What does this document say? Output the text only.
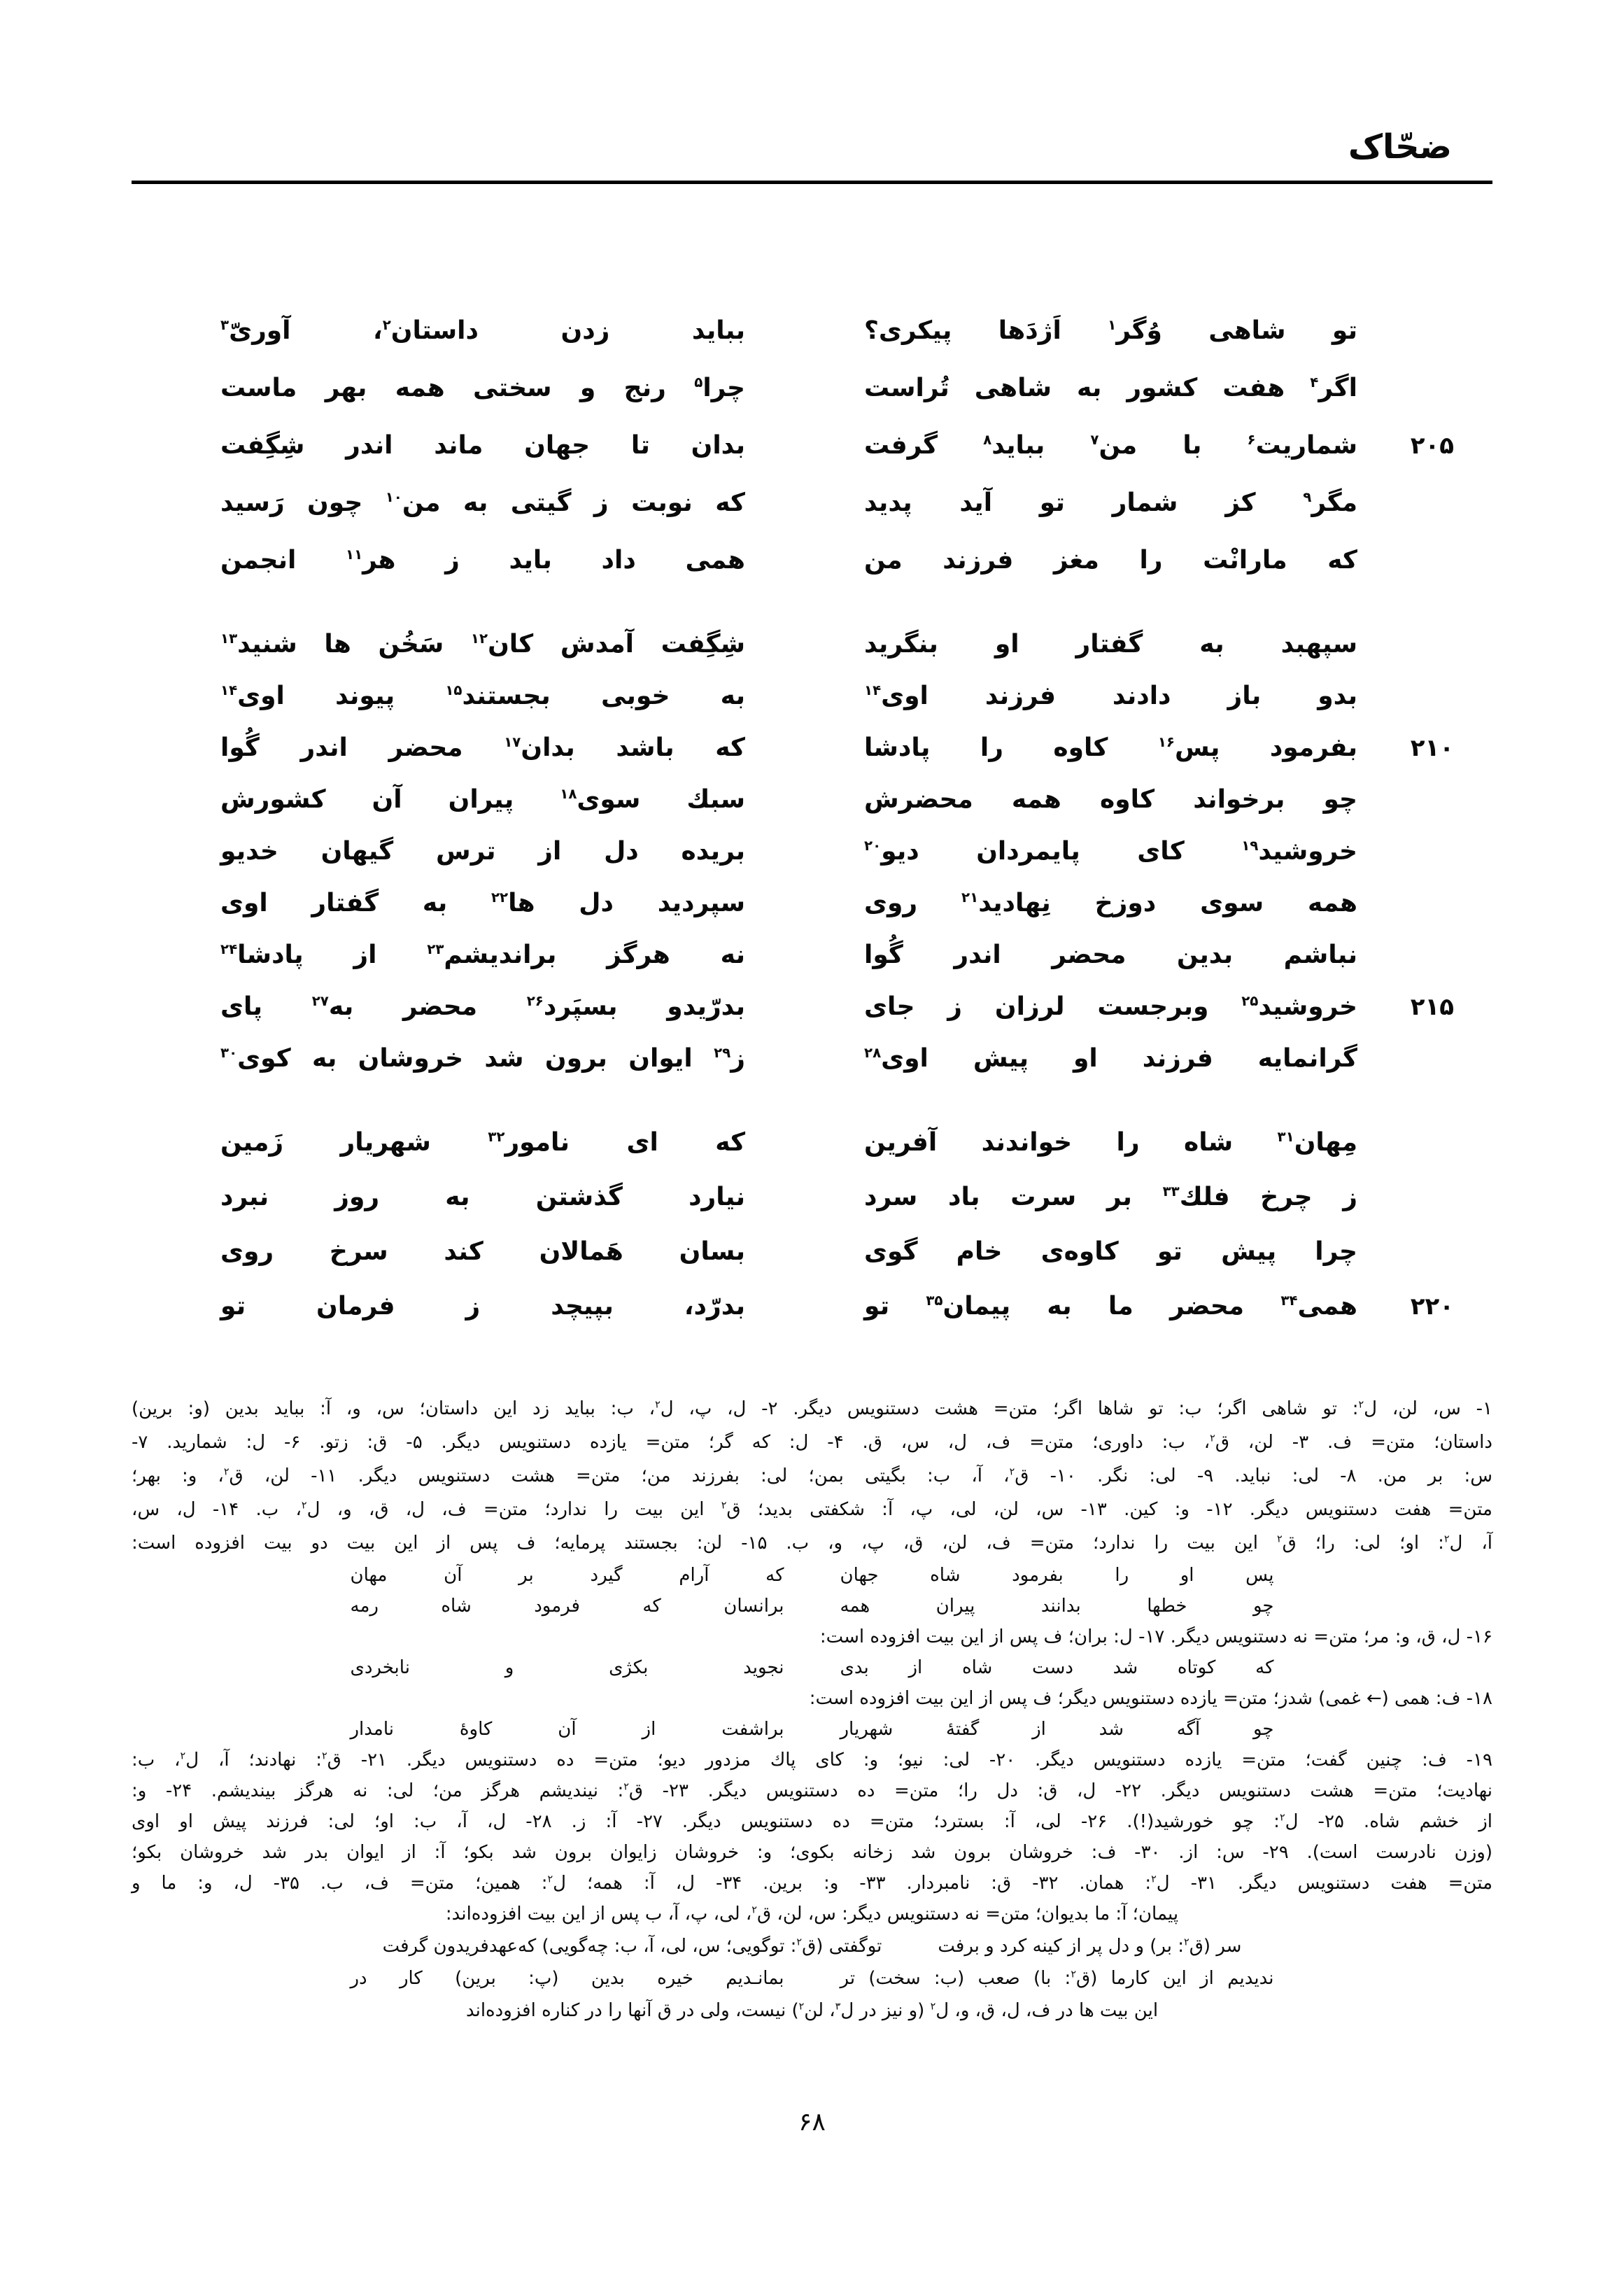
ضحّاک
تو شاهی وُگر$^۱$ اَژدَها پیکری؟
بباید زدن داستان$^۲$، آوریّ$^۳$
اگر$^۴$ هفت کشور به شاهی تُراست
چرا$^۵$ رنج و سختی همه بهر ماست
۲۰۵
شماریت$^۶$ با من$^۷$ بباید$^۸$ گرفت
بدان تا جهان ماند اندر شِگِفت
مگر$^۹$ کز شمار تو آید پدید
که نوبت ز گیتی به من$^{۱۰}$ چون رَسید
که مارانْت را مغز فرزند من
همی داد باید ز هر$^{۱۱}$ انجمن
سپهبد به گفتار او بنگرید
شِگِفت آمدش کان$^{۱۲}$ سَخُن ها شنید$^{۱۳}$
بدو باز دادند فرزند اوی$^{۱۴}$
به خوبی بجستند$^{۱۵}$ پیوند اوی$^{۱۴}$
۲۱۰
بفرمود پس$^{۱۶}$ کاوه را پادشا
که باشد بدان$^{۱۷}$ محضر اندر گُوا
چو برخواند کاوه همه محضرش
سبك سوی$^{۱۸}$ پیران آن کشورش
خروشید$^{۱۹}$ کای پایمردان دیو$^{۲۰}$
بریده دل از ترس گیهان خدیو
همه سوی دوزخ نِهادید$^{۲۱}$ روی
سپردید دل ها$^{۲۲}$ به گفتار اوی
نباشم بدین محضر اندر گُوا
نه هرگز براندیشم$^{۲۳}$ از پادشا$^{۲۴}$
۲۱۵
خروشید$^{۲۵}$ وبرجست لرزان ز جای
بدرّیدو بسپَرد$^{۲۶}$ محضر به$^{۲۷}$ پای
گرانمایه فرزند او پیش اوی$^{۲۸}$
ز$^{۲۹}$ ایوان برون شد خروشان به کوی$^{۳۰}$
مِهان$^{۳۱}$ شاه را خواندند آفرین
که ای نامور$^{۳۲}$ شهریار زَمین
ز چرخ فلك$^{۳۳}$ بر سرت باد سرد
نیارد گذشتن به روز نبرد
چرا پیش تو کاوه‌ی خام گوی
بسان هَمالان کند سرخ روی
۲۲۰
همی$^{۳۴}$ محضر ما به پیمان$^{۳۵}$ تو
بدرّد، بپیچد ز فرمان تو
۱- س، لن، ل$^۲$: تو شاهی اگر؛ ب: تو شاها اگر؛ متن= هشت دستنویس دیگر. ۲- ل، پ، ل$^۲$، ب: بباید زد این داستان؛ س، و، آ: بباید بدین (و: برین)
داستان؛ متن= ف. ۳- لن، ق$^۲$، ب: داوری؛ متن= ف، ل، س، ق. ۴- ل: که گر؛ متن= یازده دستنویس دیگر. ۵- ق: زتو. ۶- ل: شمارید. ۷-
س: بر من. ۸- لی: نباید. ۹- لی: نگر. ۱۰- ق$^۲$، آ، ب: بگیتی بمن؛ لی: بفرزند من؛ متن= هشت دستنویس دیگر. ۱۱- لن، ق$^۲$، و: بهر؛
متن= هفت دستنویس دیگر. ۱۲- و: کین. ۱۳- س، لن، لی، پ، آ: شکفتی بدید؛ ق$^۲$ این بیت را ندارد؛ متن= ف، ل، ق، و، ل$^۲$، ب. ۱۴- ل، س،
آ، ل$^۲$: او؛ لی: را؛ ق$^۲$ این بیت را ندارد؛ متن= ف، لن، ق، پ، و، ب. ۱۵- لن: بجستند پرمایه؛ ف پس از این بیت دو بیت افزوده است:
پس او را بفرمود شاه جهان
که آرام گیرد بر آن مهان
چو خطها بدانند پیران همه
برانسان که فرمود شاه رمه
۱۶- ل، ق، و: مر؛ متن= نه دستنویس دیگر. ۱۷- ل: بران؛ ف پس از این بیت افزوده است:
که کوتاه شد دست شاه از بدی
نجوید بکژی و نابخردی
۱۸- ف: همی (← غمی) شدز؛ متن= یازده دستنویس دیگر؛ ف پس از این بیت افزوده است:
چو آگه شد از گفتهٔ شهریار
براشفت از آن کاوهٔ نامدار
۱۹- ف: چنین گفت؛ متن= یازده دستنویس دیگر. ۲۰- لی: نیو؛ و: کای پاك مزدور دیو؛ متن= ده دستنویس دیگر. ۲۱- ق$^۲$: نهادند؛ آ، ل$^۲$، ب:
نهادیت؛ متن= هشت دستنویس دیگر. ۲۲- ل، ق: دل را؛ متن= ده دستنویس دیگر. ۲۳- ق$^۲$: نیندیشم هرگز من؛ لی: نه هرگز بیندیشم. ۲۴- و:
از خشم شاه. ۲۵- ل$^۲$: چو خورشید(!). ۲۶- لی، آ: بسترد؛ متن= ده دستنویس دیگر. ۲۷- آ: ز. ۲۸- ل، آ، ب: او؛ لی: فرزند پیش او اوی
(وزن نادرست است). ۲۹- س: از. ۳۰- ف: خروشان برون شد زخانه بکوی؛ و: خروشان زایوان برون شد بکو؛ آ: از ایوان بدر شد خروشان بکو؛
متن= هفت دستنویس دیگر. ۳۱- ل$^۲$: همان. ۳۲- ق: نامبردار. ۳۳- و: برین. ۳۴- ل، آ: همه؛ ل$^۲$: همین؛ متن= ف، ب. ۳۵- ل، و: ما و
پیمان؛ آ: ما بدیوان؛ متن= نه دستنویس دیگر: س، لن، ق$^۲$، لی، پ، آ، ب پس از این بیت افزوده‌اند:
سر (ق$^۲$: بر) و دل پر از کینه کرد و برفت
توگفتی (ق$^۲$: توگویی؛ س، لی، آ، ب: چه‌گویی) که‌عهدفریدون گرفت
ندیدیم از این کارما (ق$^۲$: با) صعب (ب: سخت) تر
بمانـدیم خیره بدین (پ: برین) کار در
این بیت ها در ف، ل، ق، و، ل$^۲$ (و نیز در ل$^۳$، لن$^۲$) نیست، ولی در ق آنها را در کناره افزوده‌اند
۶۸
